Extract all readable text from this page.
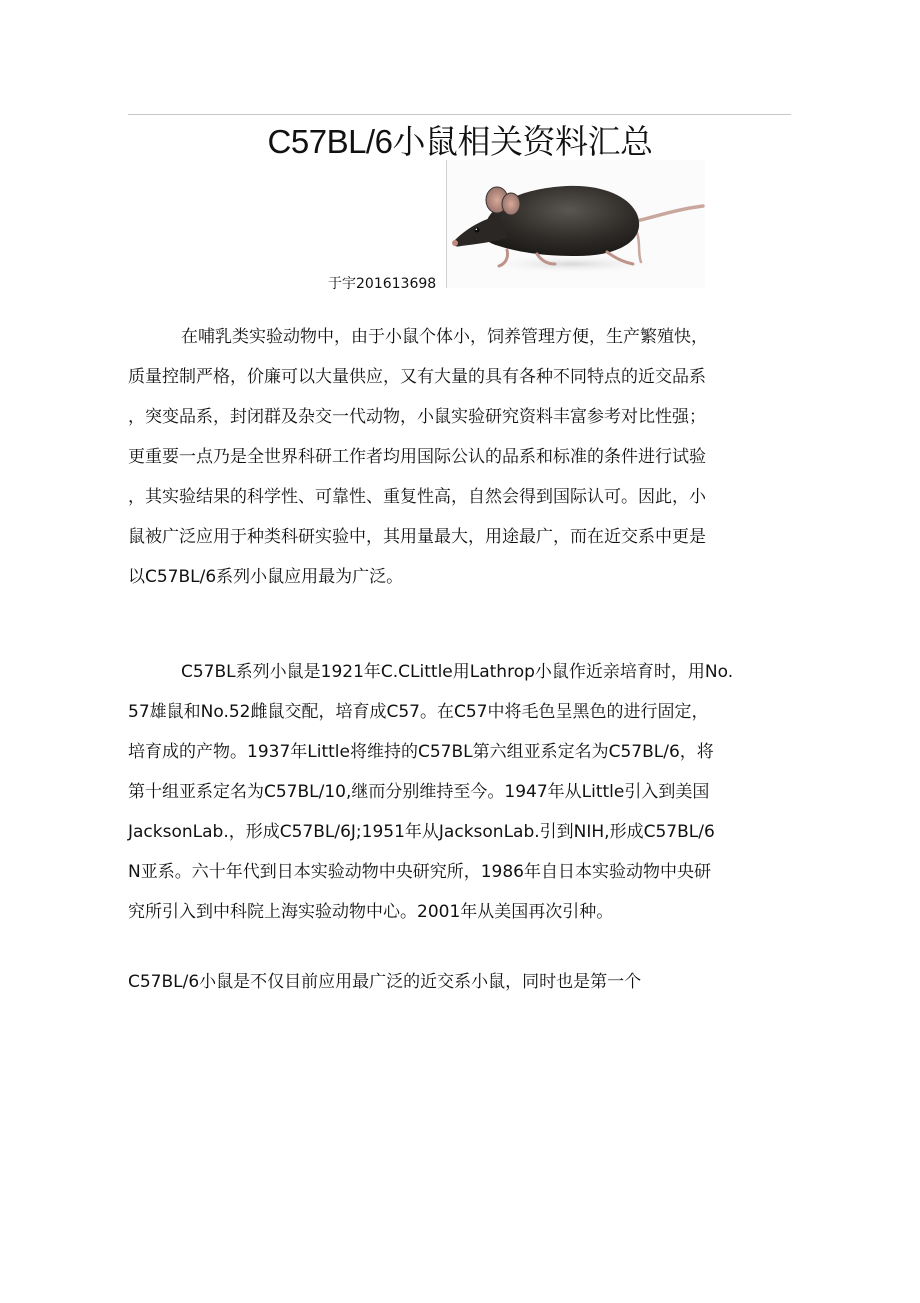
C57BL/6小鼠相关资料汇总
于宇201613698
在哺乳类实验动物中，由于小鼠个体小，饲养管理方便，生产繁殖快，
质量控制严格，价廉可以大量供应，又有大量的具有各种不同特点的近交品系
，突变品系，封闭群及杂交一代动物，小鼠实验研究资料丰富参考对比性强；
更重要一点乃是全世界科研工作者均用国际公认的品系和标准的条件进行试验
，其实验结果的科学性、可靠性、重复性高，自然会得到国际认可。因此，小
鼠被广泛应用于种类科研实验中，其用量最大，用途最广，而在近交系中更是
以C57BL/6系列小鼠应用最为广泛。
C57BL系列小鼠是1921年C.CLittle用Lathrop小鼠作近亲培育时，用No.
57雄鼠和No.52雌鼠交配，培育成C57。在C57中将毛色呈黑色的进行固定，
培育成的产物。1937年Little将维持的C57BL第六组亚系定名为C57BL/6，将
第十组亚系定名为C57BL/10,继而分别维持至今。1947年从Little引入到美国
JacksonLab.，形成C57BL/6J;1951年从JacksonLab.引到NIH,形成C57BL/6
N亚系。六十年代到日本实验动物中央研究所，1986年自日本实验动物中央研
究所引入到中科院上海实验动物中心。2001年从美国再次引种。
C57BL/6小鼠是不仅目前应用最广泛的近交系小鼠，同时也是第一个
